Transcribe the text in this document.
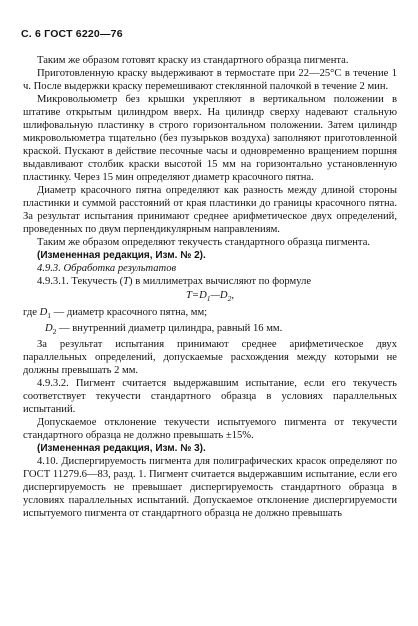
С. 6 ГОСТ 6220—76

Таким же образом готовят краску из стандартного образца пигмента.

Приготовленную краску выдерживают в термостате при 22—25°С в течение 1 ч. После выдержки краску перемешивают стеклянной палочкой в течение 2 мин.

Микровольюметр без крышки укрепляют в вертикальном положении в штативе открытым цилиндром вверх. На цилиндр сверху надевают стальную шлифовальную пластинку в строго горизонтальном положении. Затем цилиндр микровольюметра тщательно (без пузырьков воздуха) заполняют приготовленной краской. Пускают в действие песочные часы и одновременно вращением поршня выдавливают столбик краски высотой 15 мм на горизонтально установленную пластинку. Через 15 мин определяют диаметр красочного пятна.

Диаметр красочного пятна определяют как разность между длиной стороны пластинки и суммой расстояний от края пластинки до границы красочного пятна. За результат испытания принимают среднее арифметическое двух определений, проведенных по двум перпендикулярным направлениям.

Таким же образом определяют текучесть стандартного образца пигмента.

(Измененная редакция, Изм. № 2).

4.9.3. Обработка результатов

4.9.3.1. Текучесть (T) в миллиметрах вычисляют по формуле

$T=D_1—D_2$,

где $D_1$ — диаметр красочного пятна, мм;

$D_2$ — внутренний диаметр цилиндра, равный 16 мм.

За результат испытания принимают среднее арифметическое двух параллельных определений, допускаемые расхождения между которыми не должны превышать 2 мм.

4.9.3.2. Пигмент считается выдержавшим испытание, если его текучесть соответствует текучести стандартного образца в условиях параллельных испытаний.

Допускаемое отклонение текучести испытуемого пигмента от текучести стандартного образца не должно превышать ±15%.

(Измененная редакция, Изм. № 3).

4.10. Диспергируемость пигмента для полиграфических красок определяют по ГОСТ 11279.6—83, разд. 1. Пигмент считается выдержавшим испытание, если его диспергируемость не превышает диспергируемость стандартного образца в условиях параллельных испытаний. Допускаемое отклонение диспергируемости испытуемого пигмента от стандартного образца не должно превышать
